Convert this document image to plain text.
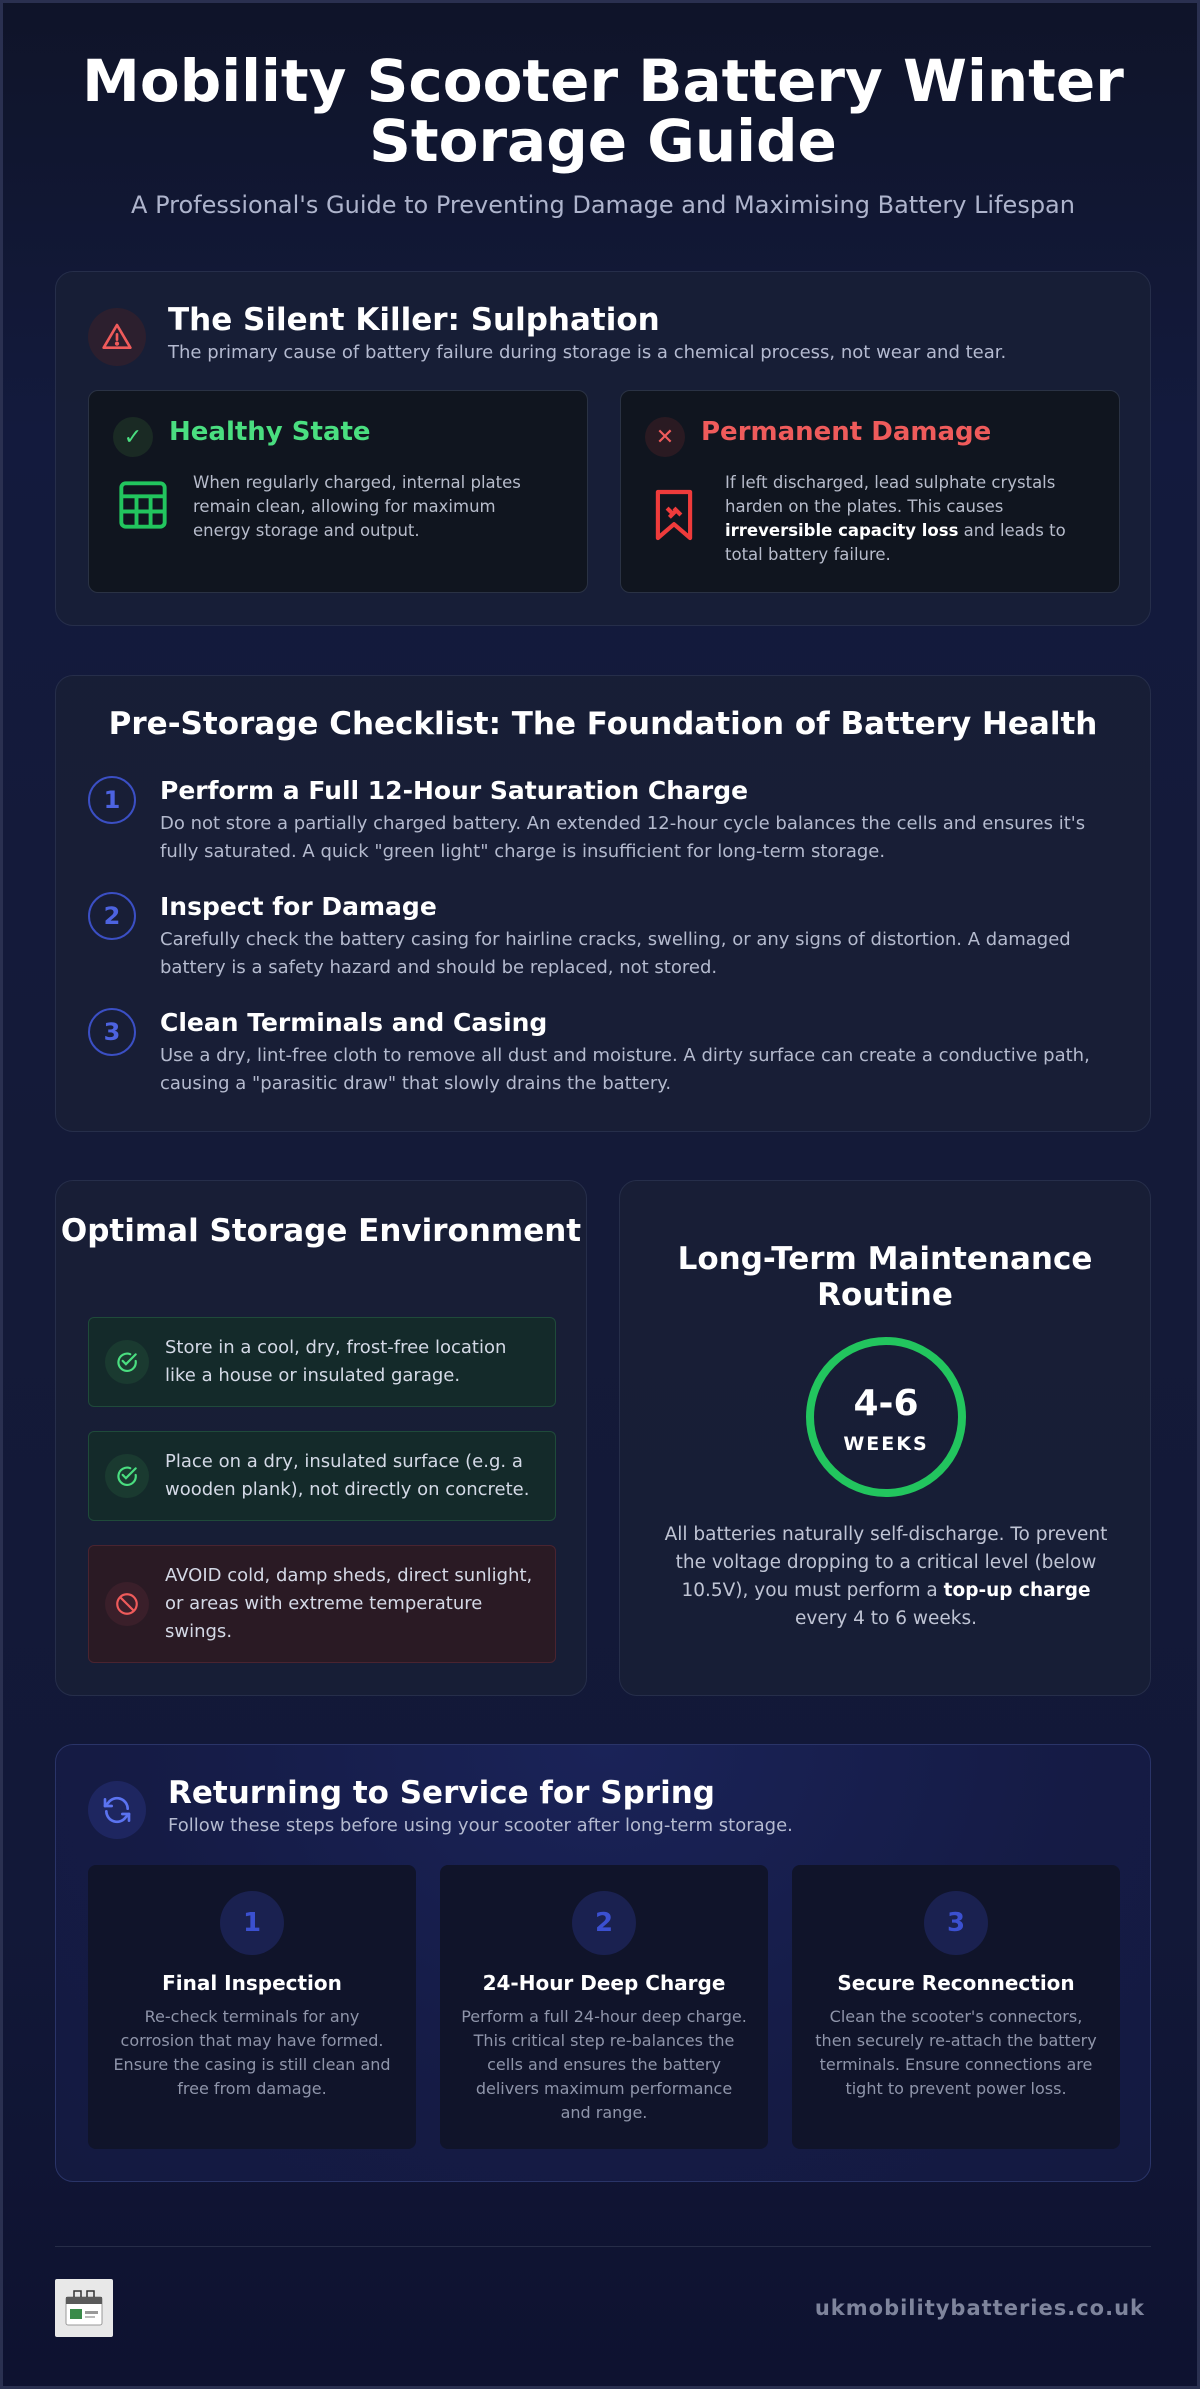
Mobility Scooter Battery Winter Storage Guide
A Professional's Guide to Preventing Damage and Maximising Battery Lifespan
The Silent Killer: Sulphation
The primary cause of battery failure during storage is a chemical process, not wear and tear.
✓	Healthy State
When regularly charged, internal plates remain clean, allowing for maximum energy storage and output.
✕	Permanent Damage
If left discharged, lead sulphate crystals harden on the plates. This causes irreversible capacity loss and leads to total battery failure.
Pre-Storage Checklist: The Foundation of Battery Health
1	Perform a Full 12-Hour Saturation Charge
Do not store a partially charged battery. An extended 12-hour cycle balances the cells and ensures it's fully saturated. A quick "green light" charge is insufficient for long-term storage.
2	Inspect for Damage
Carefully check the battery casing for hairline cracks, swelling, or any signs of distortion. A damaged battery is a safety hazard and should be replaced, not stored.
3	Clean Terminals and Casing
Use a dry, lint-free cloth to remove all dust and moisture. A dirty surface can create a conductive path, causing a "parasitic draw" that slowly drains the battery.
Optimal Storage Environment
Store in a cool, dry, frost-free location like a house or insulated garage.
Place on a dry, insulated surface (e.g. a wooden plank), not directly on concrete.
AVOID cold, damp sheds, direct sunlight, or areas with extreme temperature swings.
Long-Term Maintenance Routine
4-6
WEEKS
All batteries naturally self-discharge. To prevent the voltage dropping to a critical level (below 10.5V), you must perform a top-up charge every 4 to 6 weeks.
Returning to Service for Spring
Follow these steps before using your scooter after long-term storage.
1
Final Inspection
Re-check terminals for any corrosion that may have formed. Ensure the casing is still clean and free from damage.
2
24-Hour Deep Charge
Perform a full 24-hour deep charge. This critical step re-balances the cells and ensures the battery delivers maximum performance and range.
3
Secure Reconnection
Clean the scooter's connectors, then securely re-attach the battery terminals. Ensure connections are tight to prevent power loss.
ukmobilitybatteries.co.uk
